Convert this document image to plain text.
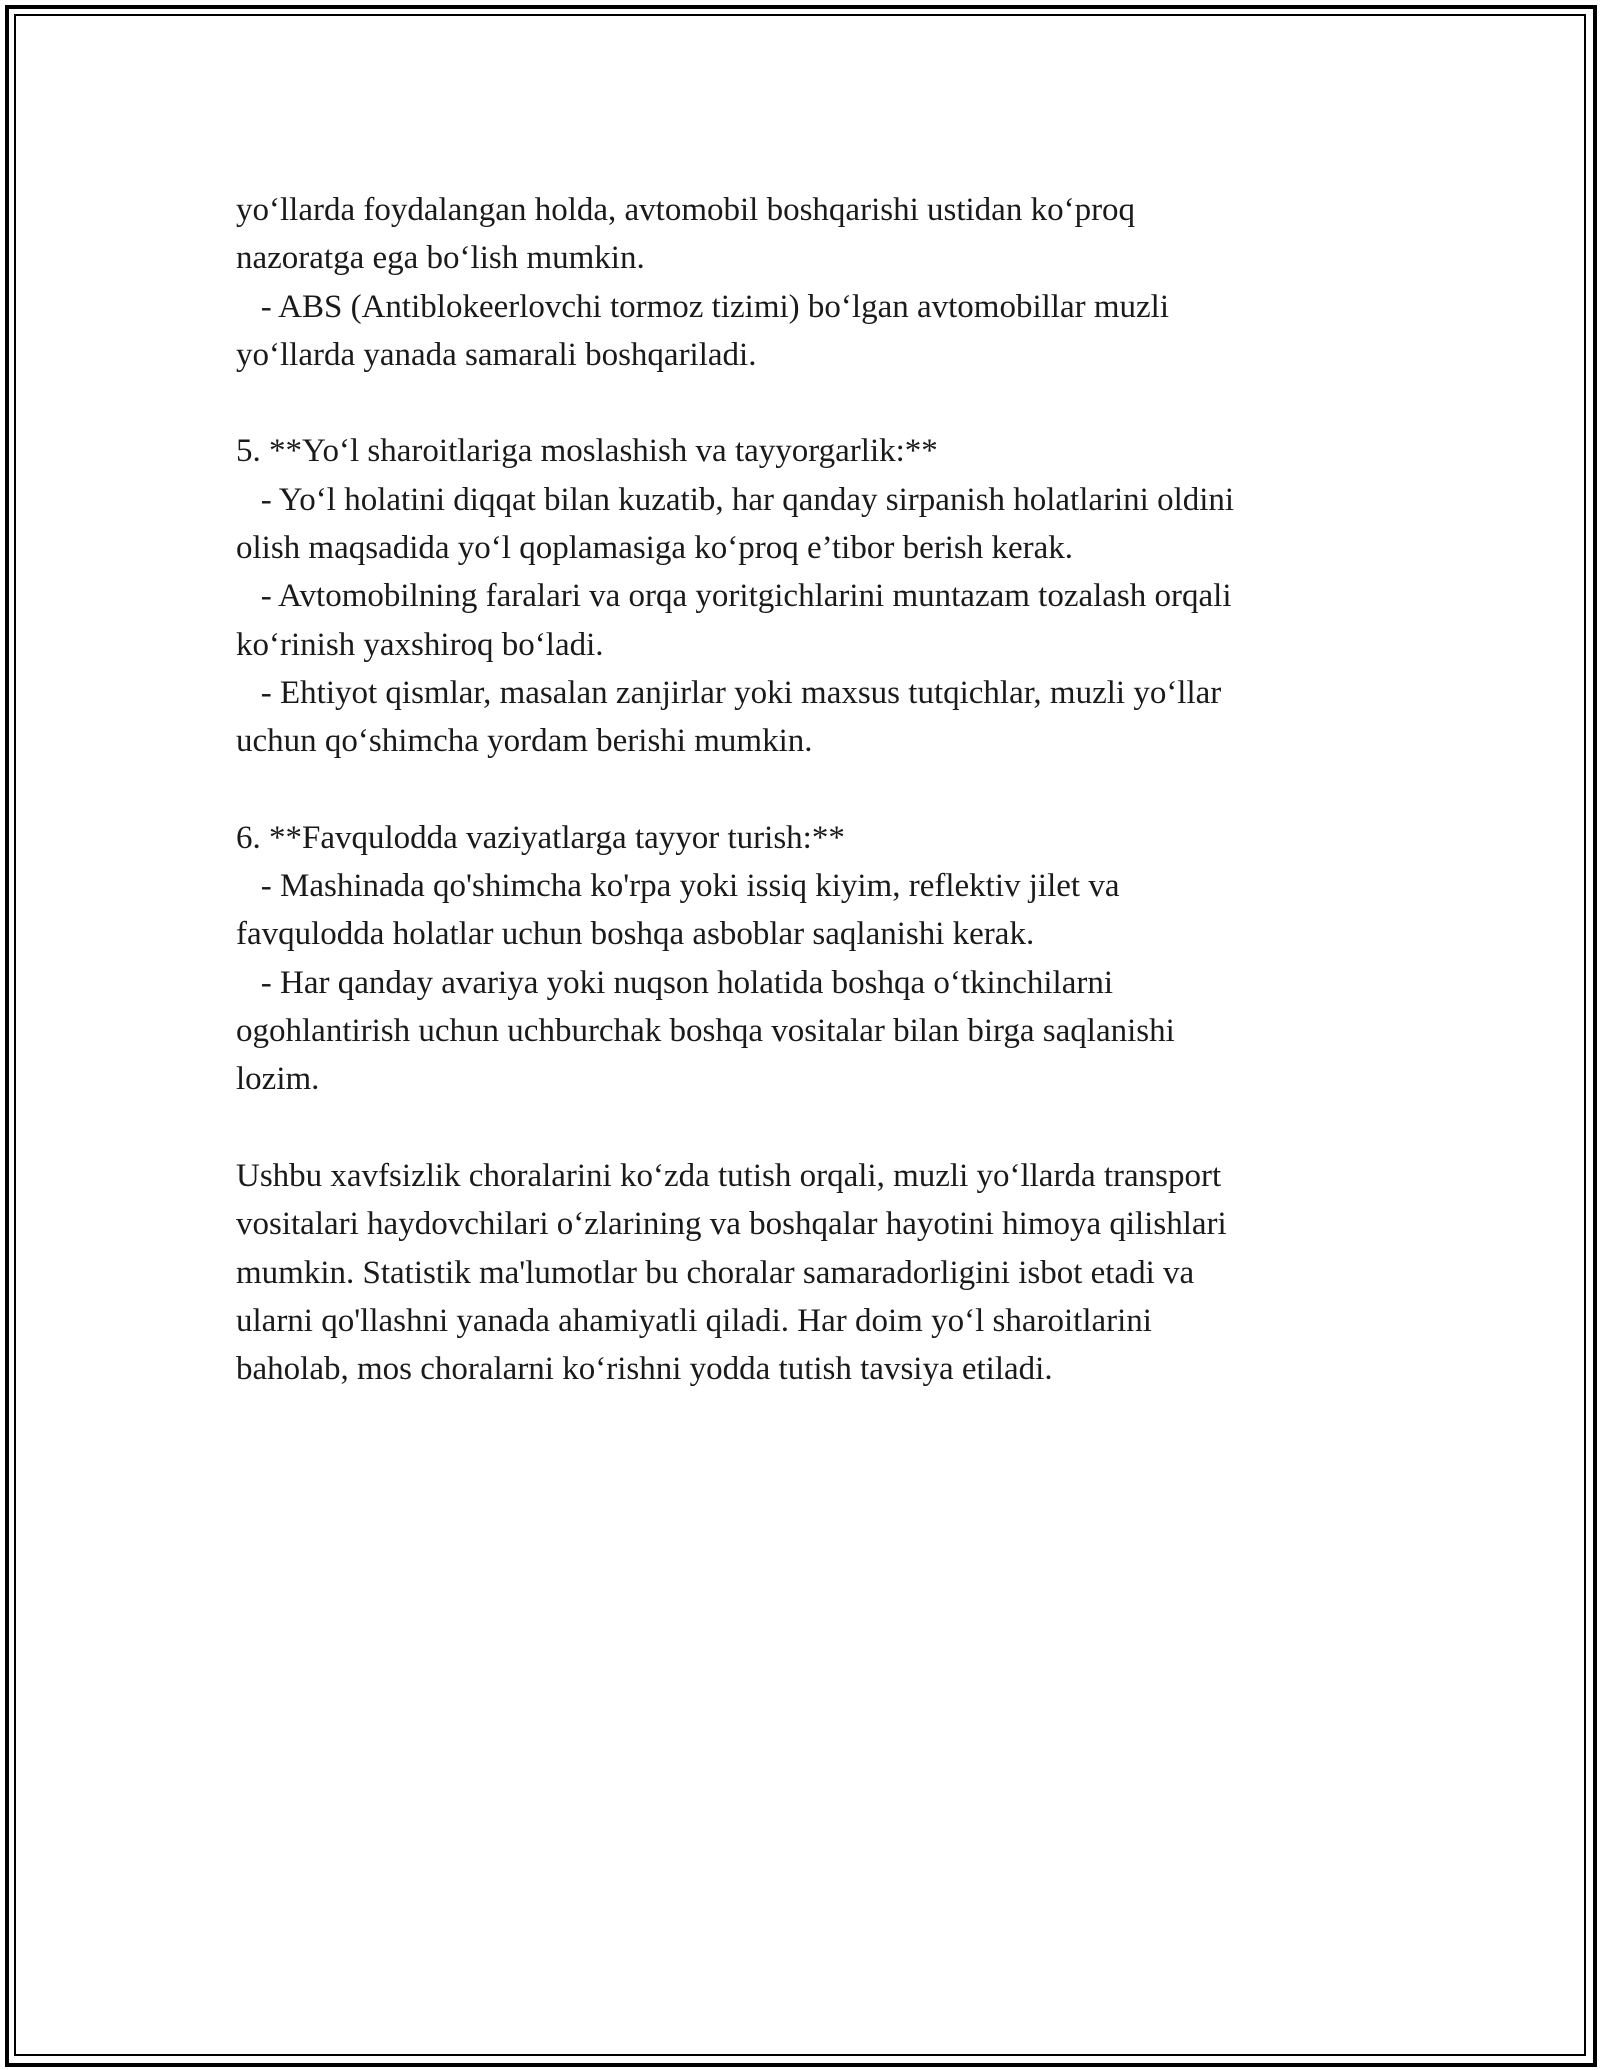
yo‘llarda foydalangan holda, avtomobil boshqarishi ustidan ko‘proq

nazoratga ega bo‘lish mumkin.

- ABS (Antiblokeerlovchi tormoz tizimi) bo‘lgan avtomobillar muzli

yo‘llarda yanada samarali boshqariladi.

5. **Yo‘l sharoitlariga moslashish va tayyorgarlik:**

- Yo‘l holatini diqqat bilan kuzatib, har qanday sirpanish holatlarini oldini

olish maqsadida yo‘l qoplamasiga ko‘proq e’tibor berish kerak.

- Avtomobilning faralari va orqa yoritgichlarini muntazam tozalash orqali

ko‘rinish yaxshiroq bo‘ladi.

- Ehtiyot qismlar, masalan zanjirlar yoki maxsus tutqichlar, muzli yo‘llar

uchun qo‘shimcha yordam berishi mumkin.

6. **Favqulodda vaziyatlarga tayyor turish:**

- Mashinada qo'shimcha ko'rpa yoki issiq kiyim, reflektiv jilet va

favqulodda holatlar uchun boshqa asboblar saqlanishi kerak.

- Har qanday avariya yoki nuqson holatida boshqa o‘tkinchilarni

ogohlantirish uchun uchburchak boshqa vositalar bilan birga saqlanishi

lozim.

Ushbu xavfsizlik choralarini ko‘zda tutish orqali, muzli yo‘llarda transport

vositalari haydovchilari o‘zlarining va boshqalar hayotini himoya qilishlari

mumkin. Statistik ma'lumotlar bu choralar samaradorligini isbot etadi va

ularni qo'llashni yanada ahamiyatli qiladi. Har doim yo‘l sharoitlarini

baholab, mos choralarni ko‘rishni yodda tutish tavsiya etiladi.
